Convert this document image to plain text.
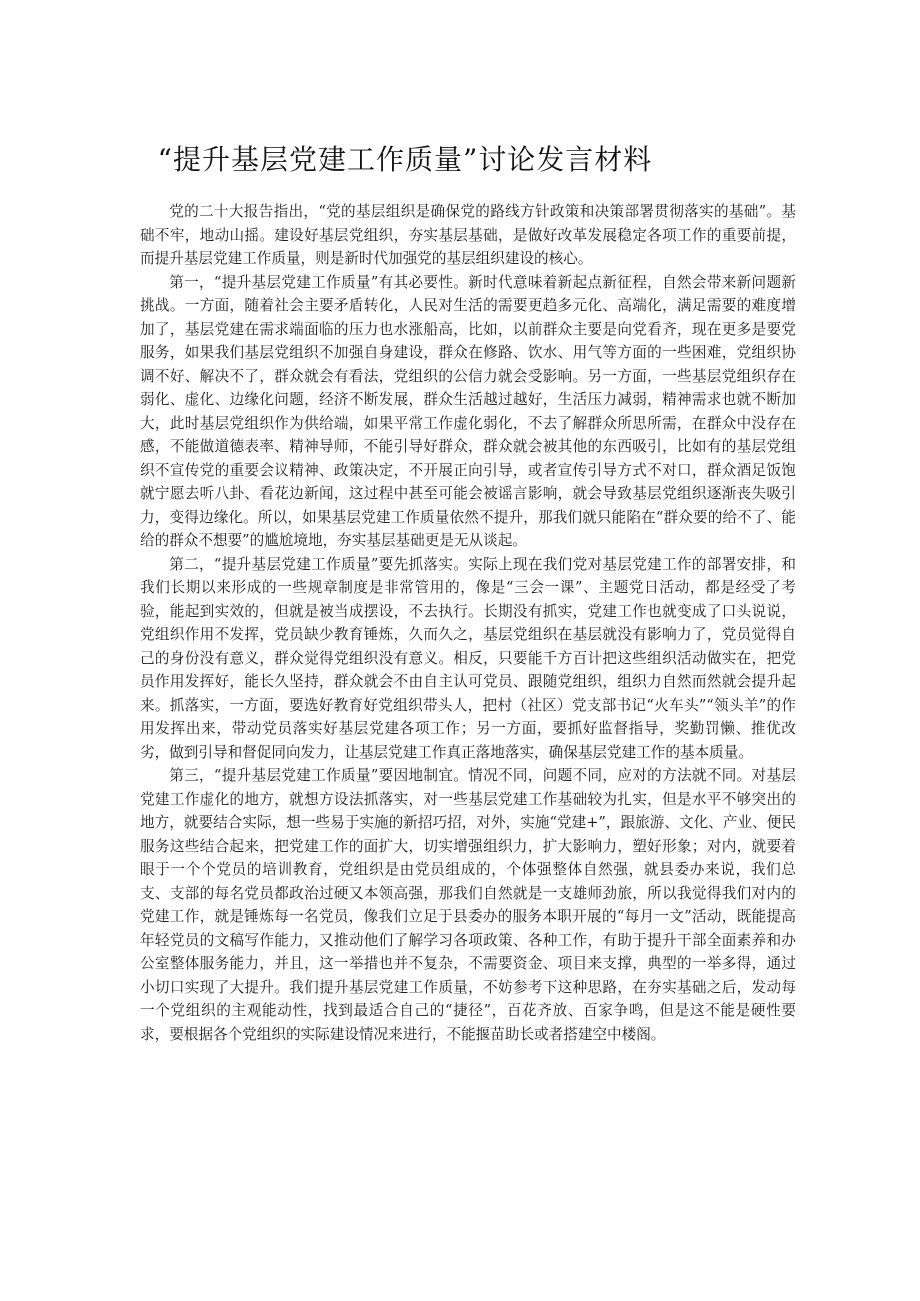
“提升基层党建工作质量”讨论发言材料

党的二十大报告指出，“党的基层组织是确保党的路线方针政策和决策部署贯彻落实的基础”。基础不牢，地动山摇。建设好基层党组织，夯实基层基础，是做好改革发展稳定各项工作的重要前提，而提升基层党建工作质量，则是新时代加强党的基层组织建设的核心。

第一，“提升基层党建工作质量”有其必要性。新时代意味着新起点新征程，自然会带来新问题新挑战。一方面，随着社会主要矛盾转化，人民对生活的需要更趋多元化、高端化，满足需要的难度增加了，基层党建在需求端面临的压力也水涨船高，比如，以前群众主要是向党看齐，现在更多是要党服务，如果我们基层党组织不加强自身建设，群众在修路、饮水、用气等方面的一些困难，党组织协调不好、解决不了，群众就会有看法，党组织的公信力就会受影响。另一方面，一些基层党组织存在弱化、虚化、边缘化问题，经济不断发展，群众生活越过越好，生活压力减弱，精神需求也就不断加大，此时基层党组织作为供给端，如果平常工作虚化弱化，不去了解群众所思所需，在群众中没存在感，不能做道德表率、精神导师，不能引导好群众，群众就会被其他的东西吸引，比如有的基层党组织不宣传党的重要会议精神、政策决定，不开展正向引导，或者宣传引导方式不对口，群众酒足饭饱就宁愿去听八卦、看花边新闻，这过程中甚至可能会被谣言影响，就会导致基层党组织逐渐丧失吸引力，变得边缘化。所以，如果基层党建工作质量依然不提升，那我们就只能陷在“群众要的给不了、能给的群众不想要”的尴尬境地，夯实基层基础更是无从谈起。

第二，“提升基层党建工作质量”要先抓落实。实际上现在我们党对基层党建工作的部署安排，和我们长期以来形成的一些规章制度是非常管用的，像是“三会一课”、主题党日活动，都是经受了考验，能起到实效的，但就是被当成摆设，不去执行。长期没有抓实，党建工作也就变成了口头说说，党组织作用不发挥，党员缺少教育锤炼，久而久之，基层党组织在基层就没有影响力了，党员觉得自己的身份没有意义，群众觉得党组织没有意义。相反，只要能千方百计把这些组织活动做实在，把党员作用发挥好，能长久坚持，群众就会不由自主认可党员、跟随党组织，组织力自然而然就会提升起来。抓落实，一方面，要选好教育好党组织带头人，把村（社区）党支部书记“火车头”“领头羊”的作用发挥出来，带动党员落实好基层党建各项工作；另一方面，要抓好监督指导，奖勤罚懒、推优改劣，做到引导和督促同向发力，让基层党建工作真正落地落实，确保基层党建工作的基本质量。

第三，“提升基层党建工作质量”要因地制宜。情况不同，问题不同，应对的方法就不同。对基层党建工作虚化的地方，就想方设法抓落实，对一些基层党建工作基础较为扎实，但是水平不够突出的地方，就要结合实际，想一些易于实施的新招巧招，对外，实施“党建+”，跟旅游、文化、产业、便民服务这些结合起来，把党建工作的面扩大，切实增强组织力，扩大影响力，塑好形象；对内，就要着眼于一个个党员的培训教育，党组织是由党员组成的，个体强整体自然强，就县委办来说，我们总支、支部的每名党员都政治过硬又本领高强，那我们自然就是一支雄师劲旅，所以我觉得我们对内的党建工作，就是锤炼每一名党员，像我们立足于县委办的服务本职开展的“每月一文”活动，既能提高年轻党员的文稿写作能力，又推动他们了解学习各项政策、各种工作，有助于提升干部全面素养和办公室整体服务能力，并且，这一举措也并不复杂，不需要资金、项目来支撑，典型的一举多得，通过小切口实现了大提升。我们提升基层党建工作质量，不妨参考下这种思路，在夯实基础之后，发动每一个党组织的主观能动性，找到最适合自己的“捷径”，百花齐放、百家争鸣，但是这不能是硬性要求，要根据各个党组织的实际建设情况来进行，不能揠苗助长或者搭建空中楼阁。
